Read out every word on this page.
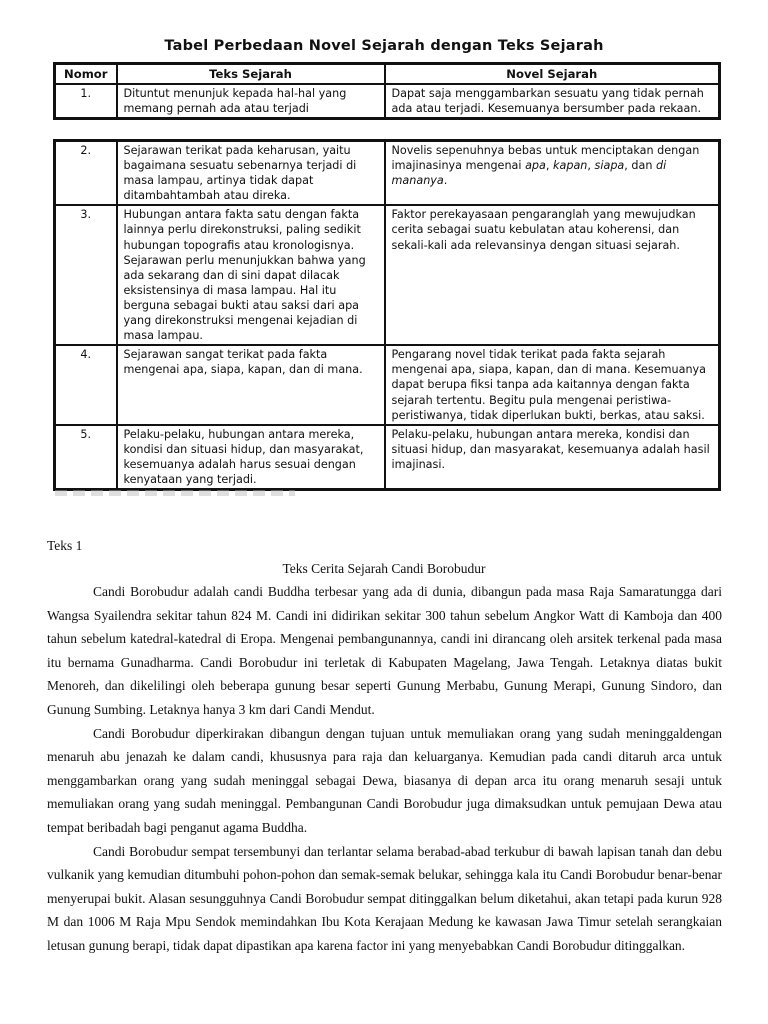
Tabel Perbedaan Novel Sejarah dengan Teks Sejarah
Nomor	Teks Sejarah	Novel Sejarah
1.	Dituntut menunjuk kepada hal-hal yang memang pernah ada atau terjadi	Dapat saja menggambarkan sesuatu yang tidak pernah ada atau terjadi. Kesemuanya bersumber pada rekaan.
2.	Sejarawan terikat pada keharusan, yaitu bagaimana sesuatu sebenarnya terjadi di masa lampau, artinya tidak dapat ditambahtambah atau direka.	Novelis sepenuhnya bebas untuk menciptakan dengan imajinasinya mengenai apa, kapan, siapa, dan di mananya.
3.	Hubungan antara fakta satu dengan fakta lainnya perlu direkonstruksi, paling sedikit hubungan topografis atau kronologisnya. Sejarawan perlu menunjukkan bahwa yang ada sekarang dan di sini dapat dilacak eksistensinya di masa lampau. Hal itu berguna sebagai bukti atau saksi dari apa yang direkonstruksi mengenai kejadian di masa lampau.	Faktor perekayasaan pengaranglah yang mewujudkan cerita sebagai suatu kebulatan atau koherensi, dan sekali-kali ada relevansinya dengan situasi sejarah.
4.	Sejarawan sangat terikat pada fakta mengenai apa, siapa, kapan, dan di mana.	Pengarang novel tidak terikat pada fakta sejarah mengenai apa, siapa, kapan, dan di mana. Kesemuanya dapat berupa fiksi tanpa ada kaitannya dengan fakta sejarah tertentu. Begitu pula mengenai peristiwa-peristiwanya, tidak diperlukan bukti, berkas, atau saksi.
5.	Pelaku-pelaku, hubungan antara mereka, kondisi dan situasi hidup, dan masyarakat, kesemuanya adalah harus sesuai dengan kenyataan yang terjadi.	Pelaku-pelaku, hubungan antara mereka, kondisi dan situasi hidup, dan masyarakat, kesemuanya adalah hasil imajinasi.
Teks 1
Teks Cerita Sejarah Candi Borobudur

Candi Borobudur adalah candi Buddha terbesar yang ada di dunia, dibangun pada masa Raja Samaratungga dari Wangsa Syailendra sekitar tahun 824 M. Candi ini didirikan sekitar 300 tahun sebelum Angkor Watt di Kamboja dan 400 tahun sebelum katedral-katedral di Eropa. Mengenai pembangunannya, candi ini dirancang oleh arsitek terkenal pada masa itu bernama Gunadharma. Candi Borobudur ini terletak di Kabupaten Magelang, Jawa Tengah. Letaknya diatas bukit Menoreh, dan dikelilingi oleh beberapa gunung besar seperti Gunung Merbabu, Gunung Merapi, Gunung Sindoro, dan Gunung Sumbing. Letaknya hanya 3 km dari Candi Mendut.

Candi Borobudur diperkirakan dibangun dengan tujuan untuk memuliakan orang yang sudah meninggaldengan menaruh abu jenazah ke dalam candi, khususnya para raja dan keluarganya. Kemudian pada candi ditaruh arca untuk menggambarkan orang yang sudah meninggal sebagai Dewa, biasanya di depan arca itu orang menaruh sesaji untuk memuliakan orang yang sudah meninggal. Pembangunan Candi Borobudur juga dimaksudkan untuk pemujaan Dewa atau tempat beribadah bagi penganut agama Buddha.

Candi Borobudur sempat tersembunyi dan terlantar selama berabad-abad terkubur di bawah lapisan tanah dan debu vulkanik yang kemudian ditumbuhi pohon-pohon dan semak-semak belukar, sehingga kala itu Candi Borobudur benar-benar menyerupai bukit. Alasan sesungguhnya Candi Borobudur sempat ditinggalkan belum diketahui, akan tetapi pada kurun 928 M dan 1006 M Raja Mpu Sendok memindahkan Ibu Kota Kerajaan Medung ke kawasan Jawa Timur setelah serangkaian letusan gunung berapi, tidak dapat dipastikan apa karena factor ini yang menyebabkan Candi Borobudur ditinggalkan.
